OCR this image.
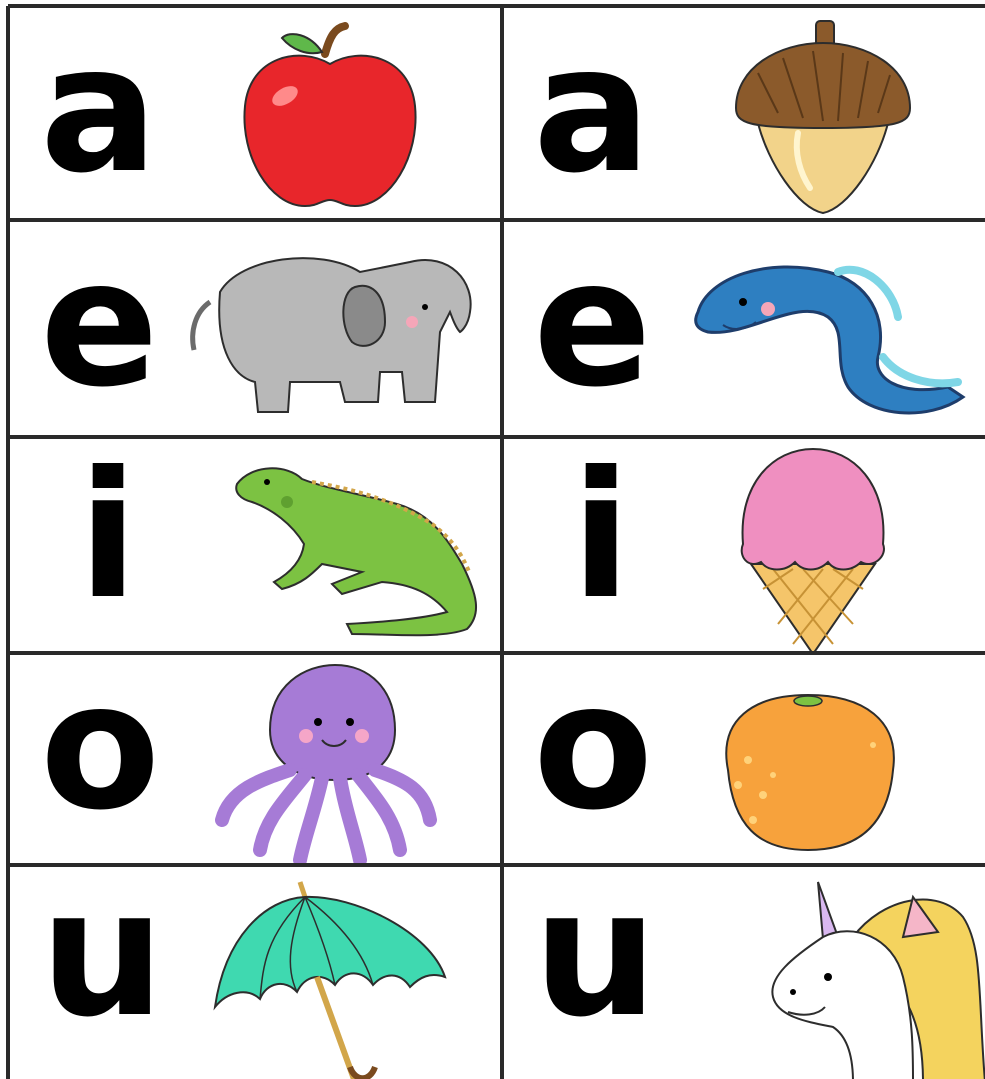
a a
e e
i i
o o
u u
